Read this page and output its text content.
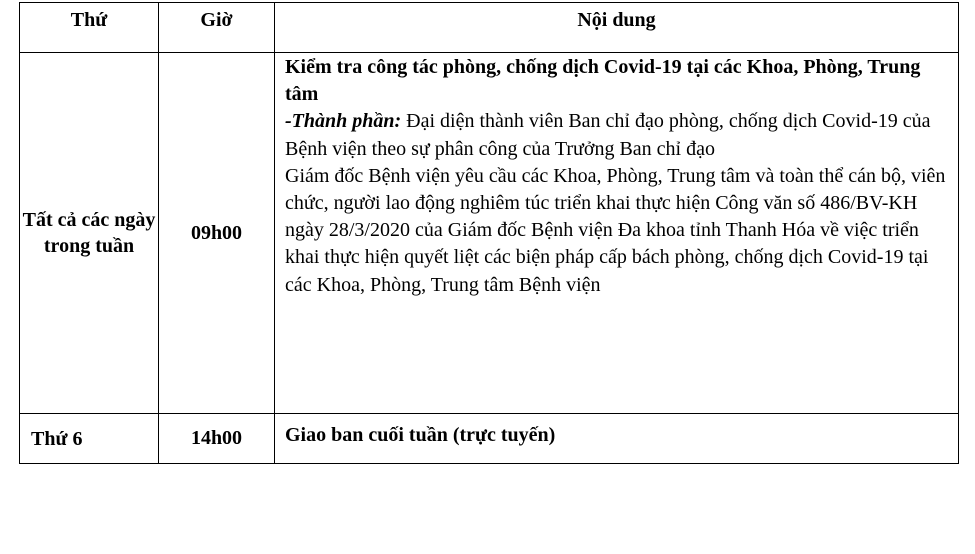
Thứ	Giờ	Nội dung
Tất cả các ngày trong tuần	09h00	Kiểm tra công tác phòng, chống dịch Covid-19 tại các Khoa, Phòng, Trung tâm
-Thành phần: Đại diện thành viên Ban chỉ đạo phòng, chống dịch Covid-19 của Bệnh viện theo sự phân công của Trưởng Ban chỉ đạo
Giám đốc Bệnh viện yêu cầu các Khoa, Phòng, Trung tâm và toàn thể cán bộ, viên chức, người lao động nghiêm túc triển khai thực hiện Công văn số 486/BV-KH ngày 28/3/2020 của Giám đốc Bệnh viện Đa khoa tỉnh Thanh Hóa về việc triển khai thực hiện quyết liệt các biện pháp cấp bách phòng, chống dịch Covid-19 tại các Khoa, Phòng, Trung tâm Bệnh viện

Thứ 6	14h00	Giao ban cuối tuần (trực tuyến)
